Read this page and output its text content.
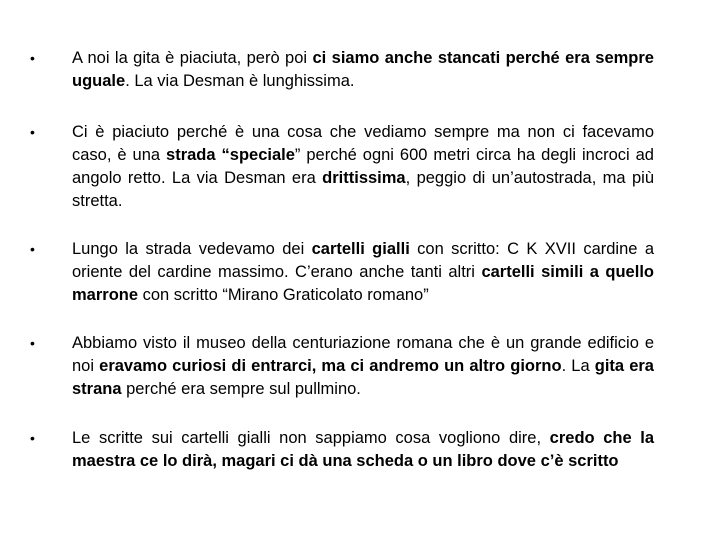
• A noi la gita è piaciuta, però poi ci siamo anche stancati perché era sempre uguale. La via Desman è lunghissima.
• Ci è piaciuto perché è una cosa che vediamo sempre ma non ci facevamo caso, è una strada “speciale” perché ogni 600 metri circa ha degli incroci ad angolo retto. La via Desman era drittissima, peggio di un’autostrada, ma più stretta.
• Lungo la strada vedevamo dei cartelli gialli con scritto: C K XVII cardine a oriente del cardine massimo. C’erano anche tanti altri cartelli simili a quello marrone con scritto “Mirano Graticolato romano”
• Abbiamo visto il museo della centuriazione romana che è un grande edificio e noi eravamo curiosi di entrarci, ma ci andremo un altro giorno. La gita era strana perché era sempre sul pullmino.
• Le scritte sui cartelli gialli non sappiamo cosa vogliono dire, credo che la maestra ce lo dirà, magari ci dà una scheda o un libro dove c’è scritto
